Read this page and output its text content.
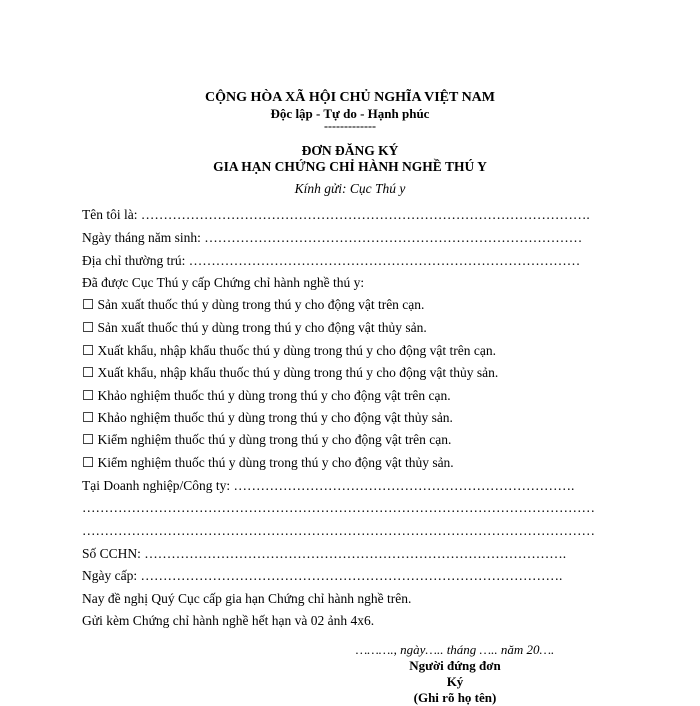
CỘNG HÒA XÃ HỘI CHỦ NGHĨA VIỆT NAM
Độc lập - Tự do - Hạnh phúc
-------------
ĐƠN ĐĂNG KÝ
GIA HẠN CHỨNG CHỈ HÀNH NGHỀ THÚ Y
Kính gửi: Cục Thú y
Tên tôi là: ……………………………………………………………………………………….
Ngày tháng năm sinh: …………………………………………………………………………
Địa chỉ thường trú: ……………………………………………………………………………
Đã được Cục Thú y cấp Chứng chỉ hành nghề thú y:
☐ Sản xuất thuốc thú y dùng trong thú y cho động vật trên cạn.
☐ Sản xuất thuốc thú y dùng trong thú y cho động vật thủy sản.
☐ Xuất khẩu, nhập khẩu thuốc thú y dùng trong thú y cho động vật trên cạn.
☐ Xuất khẩu, nhập khẩu thuốc thú y dùng trong thú y cho động vật thủy sản.
☐ Khảo nghiệm thuốc thú y dùng trong thú y cho động vật trên cạn.
☐ Khảo nghiệm thuốc thú y dùng trong thú y cho động vật thủy sản.
☐ Kiểm nghiệm thuốc thú y dùng trong thú y cho động vật trên cạn.
☐ Kiểm nghiệm thuốc thú y dùng trong thú y cho động vật thủy sản.
Tại Doanh nghiệp/Công ty: ………………………………………………………………….
……………………………………………………………………………………………………
……………………………………………………………………………………………………
Số CCHN: ………………………………………………………………………………….
Ngày cấp: ………………………………………………………………………………….
Nay đề nghị Quý Cục cấp gia hạn Chứng chỉ hành nghề trên.
Gửi kèm Chứng chỉ hành nghề hết hạn và 02 ảnh 4x6.
………., ngày….. tháng ….. năm 20….
Người đứng đơn
Ký
(Ghi rõ họ tên)
